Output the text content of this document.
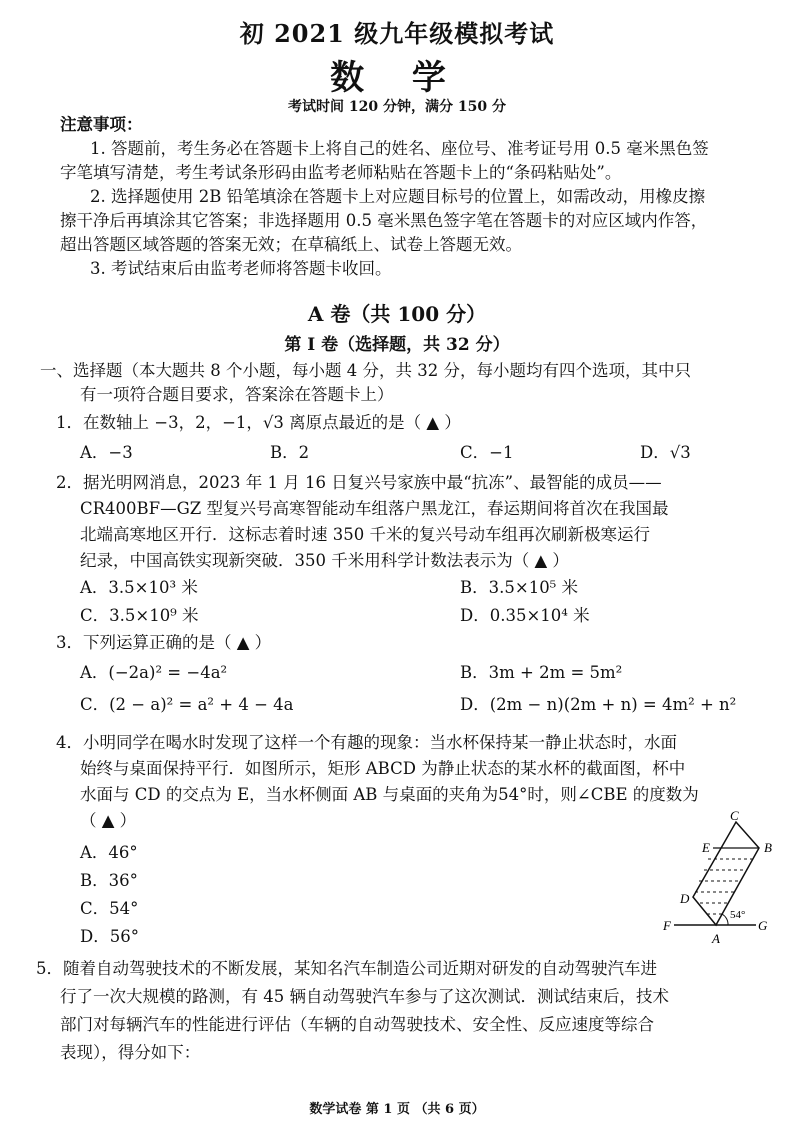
初 2021 级九年级模拟考试
数 学
考试时间 120 分钟，满分 150 分
注意事项：
1. 答题前，考生务必在答题卡上将自己的姓名、座位号、准考证号用 0.5 毫米黑色签
字笔填写清楚，考生考试条形码由监考老师粘贴在答题卡上的“条码粘贴处”。
2. 选择题使用 2B 铅笔填涂在答题卡上对应题目标号的位置上，如需改动，用橡皮擦
擦干净后再填涂其它答案；非选择题用 0.5 毫米黑色签字笔在答题卡的对应区域内作答，
超出答题区域答题的答案无效；在草稿纸上、试卷上答题无效。
3. 考试结束后由监考老师将答题卡收回。
A 卷（共 100 分）
第 I 卷（选择题，共 32 分）
一、选择题（本大题共 8 个小题，每小题 4 分，共 32 分，每小题均有四个选项，其中只
有一项符合题目要求，答案涂在答题卡上）
1．在数轴上 −3，2，−1，√3 离原点最近的是（ ▲ ）
A．−3	B．2	C．−1	D．√3
2．据光明网消息，2023 年 1 月 16 日复兴号家族中最“抗冻”、最智能的成员——
CR400BF—GZ 型复兴号高寒智能动车组落户黑龙江，春运期间将首次在我国最
北端高寒地区开行．这标志着时速 350 千米的复兴号动车组再次刷新极寒运行
纪录，中国高铁实现新突破．350 千米用科学计数法表示为（ ▲ ）
A．3.5×10³ 米	B．3.5×10⁵ 米
C．3.5×10⁹ 米	D．0.35×10⁴ 米
3．下列运算正确的是（ ▲ ）
A．(−2a)² = −4a²	B．3m + 2m = 5m²
C．(2 − a)² = a² + 4 − 4a	D．(2m − n)(2m + n) = 4m² + n²
4．小明同学在喝水时发现了这样一个有趣的现象：当水杯保持某一静止状态时，水面
始终与桌面保持平行．如图所示，矩形 ABCD 为静止状态的某水杯的截面图，杯中
水面与 CD 的交点为 E，当水杯侧面 AB 与桌面的夹角为54°时，则∠CBE 的度数为
（ ▲ ）
A．46°
B．36°
C．54°
D．56°
C
E	B
D
F
A
G
54°
5．随着自动驾驶技术的不断发展，某知名汽车制造公司近期对研发的自动驾驶汽车进
行了一次大规模的路测，有 45 辆自动驾驶汽车参与了这次测试．测试结束后，技术
部门对每辆汽车的性能进行评估（车辆的自动驾驶技术、安全性、反应速度等综合
表现），得分如下：
数学试卷 第 1 页 （共 6 页）
